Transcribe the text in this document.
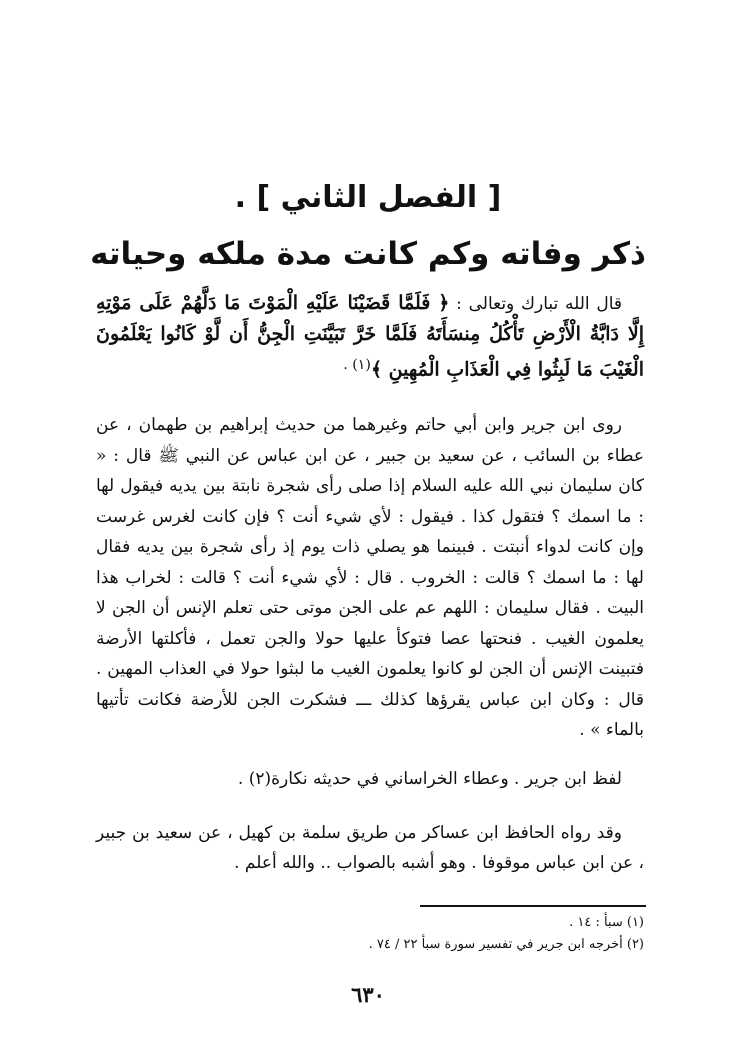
[ الفصل الثاني ] .
ذكر وفاته وكم كانت مدة ملكه وحياته
قال الله تبارك وتعالى : ﴿ فَلَمَّا قَضَيْنَا عَلَيْهِ الْمَوْتَ مَا دَلَّهُمْ عَلَى مَوْتِهِ إِلَّا دَابَّةُ الْأَرْضِ تَأْكُلُ مِنسَأَتَهُ فَلَمَّا خَرَّ تَبَيَّنَتِ الْجِنُّ أَن لَّوْ كَانُوا يَعْلَمُونَ الْغَيْبَ مَا لَبِثُوا فِي الْعَذَابِ الْمُهِينِ ﴾$^{(١) .}$
روى ابن جرير وابن أبي حاتم وغيرهما من حديث إبراهيم بن طهمان ، عن عطاء بن السائب ، عن سعيد بن جبير ، عن ابن عباس عن النبي ﷺ قال : « كان سليمان نبي الله عليه السلام إذا صلى رأى شجرة نابتة بين يديه فيقول لها : ما اسمك ؟ فتقول كذا . فيقول : لأي شيء أنت ؟ فإن كانت لغرس غرست وإن كانت لدواء أنبتت . فبينما هو يصلي ذات يوم إذ رأى شجرة بين يديه فقال لها : ما اسمك ؟ قالت : الخروب . قال : لأي شيء أنت ؟ قالت : لخراب هذا البيت . فقال سليمان : اللهم عم على الجن موتى حتى تعلم الإنس أن الجن لا يعلمون الغيب . فنحتها عصا فتوكأ عليها حولا والجن تعمل ، فأكلتها الأرضة فتبينت الإنس أن الجن لو كانوا يعلمون الغيب ما لبثوا حولا في العذاب المهين . قال : وكان ابن عباس يقرؤها كذلك ـــ فشكرت الجن للأرضة فكانت تأتيها بالماء » .
لفظ ابن جرير . وعطاء الخراساني في حديثه نكارة(٢) .
وقد رواه الحافظ ابن عساكر من طريق سلمة بن كهيل ، عن سعيد بن جبير ، عن ابن عباس موقوفا . وهو أشبه بالصواب .. والله أعلم .
(١) سبأ : ١٤ .
(٢) أخرجه ابن جرير في تفسير سورة سبأ ٢٢ / ٧٤ .
٦٣٠
